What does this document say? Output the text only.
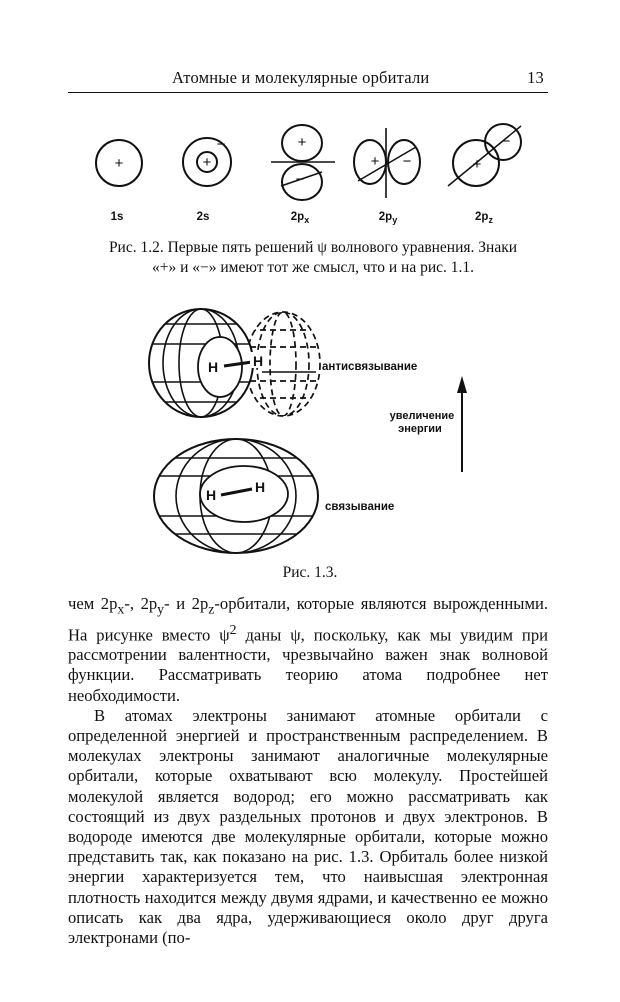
Атомные и молекулярные орбитали	13
+	+
−	+
−
+ −	+
−
1s	2s	$2p_x$	$2p_y$	$2p_z$
Рис. 1.2. Первые пять решений ψ волнового уравнения. Знаки
«+» и «−» имеют тот же смысл, что и на рис. 1.1.
H H	антисвязывание
увеличение
энергии
H	H
связывание
Рис. 1.3.

чем $2p_x-$, $2p_y-$ и $2p_z$-орбитали, которые являются вырожденными. На рисунке вместо $\psi^2$ даны ψ, поскольку, как мы увидим при рассмотрении валентности, чрезвычайно важен знак волновой функции. Рассматривать теорию атома подробнее нет необходимости.

В атомах электроны занимают атомные орбитали с определенной энергией и пространственным распределением. В молекулах электроны занимают аналогичные молекулярные орбитали, которые охватывают всю молекулу. Простейшей молекулой является водород; его можно рассматривать как состоящий из двух раздельных протонов и двух электронов. В водороде имеются две молекулярные орбитали, которые можно представить так, как показано на рис. 1.3. Орбиталь более низкой энергии характеризуется тем, что наивысшая электронная плотность находится между двумя ядрами, и качественно ее можно описать как два ядра, удерживающиеся около друг друга электронами (по-
